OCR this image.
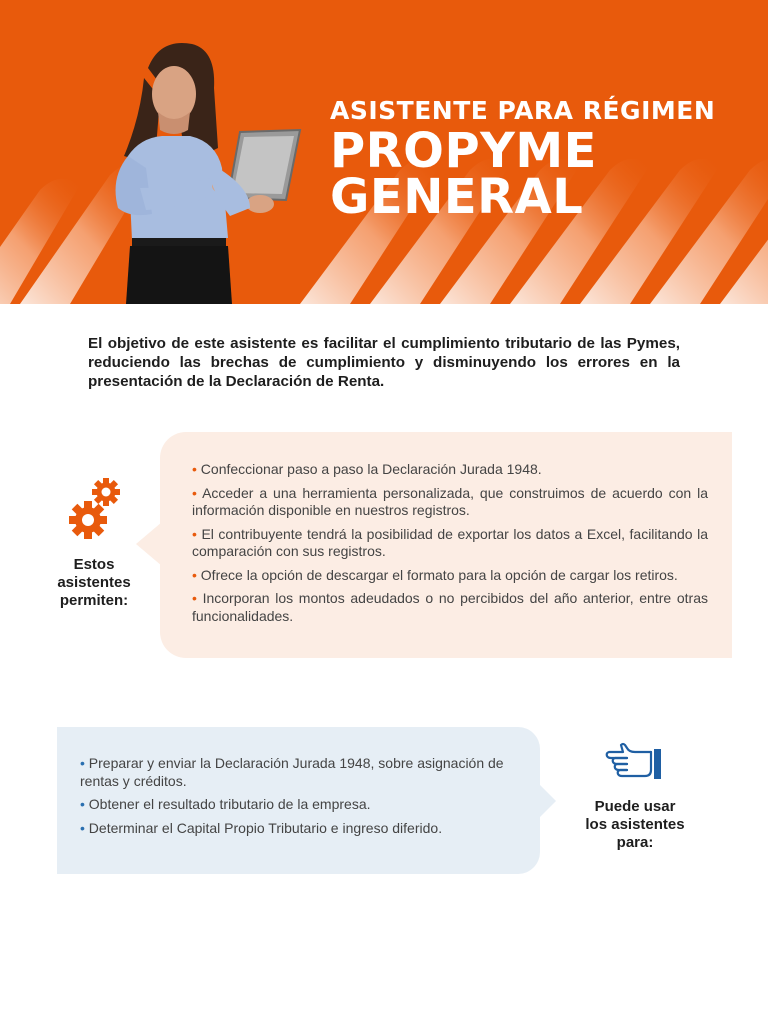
ASISTENTE PARA RÉGIMEN
PROPYME
GENERAL

El objetivo de este asistente es facilitar el cumplimiento tributario de las Pymes, reduciendo las brechas de cumplimiento y disminuyendo los errores en la presentación de la Declaración de Renta.

Estos
asistentes
permiten:
• Confeccionar paso a paso la Declaración Jurada 1948.
• Acceder a una herramienta personalizada, que construimos de acuerdo con la información disponible en nuestros registros.
• El contribuyente tendrá la posibilidad de exportar los datos a Excel, facilitando la comparación con sus registros.
• Ofrece la opción de descargar el formato para la opción de cargar los retiros.
• Incorporan los montos adeudados o no percibidos del año anterior, entre otras funcionalidades.
• Preparar y enviar la Declaración Jurada 1948, sobre asignación de rentas y créditos.
• Obtener el resultado tributario de la empresa.
• Determinar el Capital Propio Tributario e ingreso diferido.
Puede usar
los asistentes
para:
